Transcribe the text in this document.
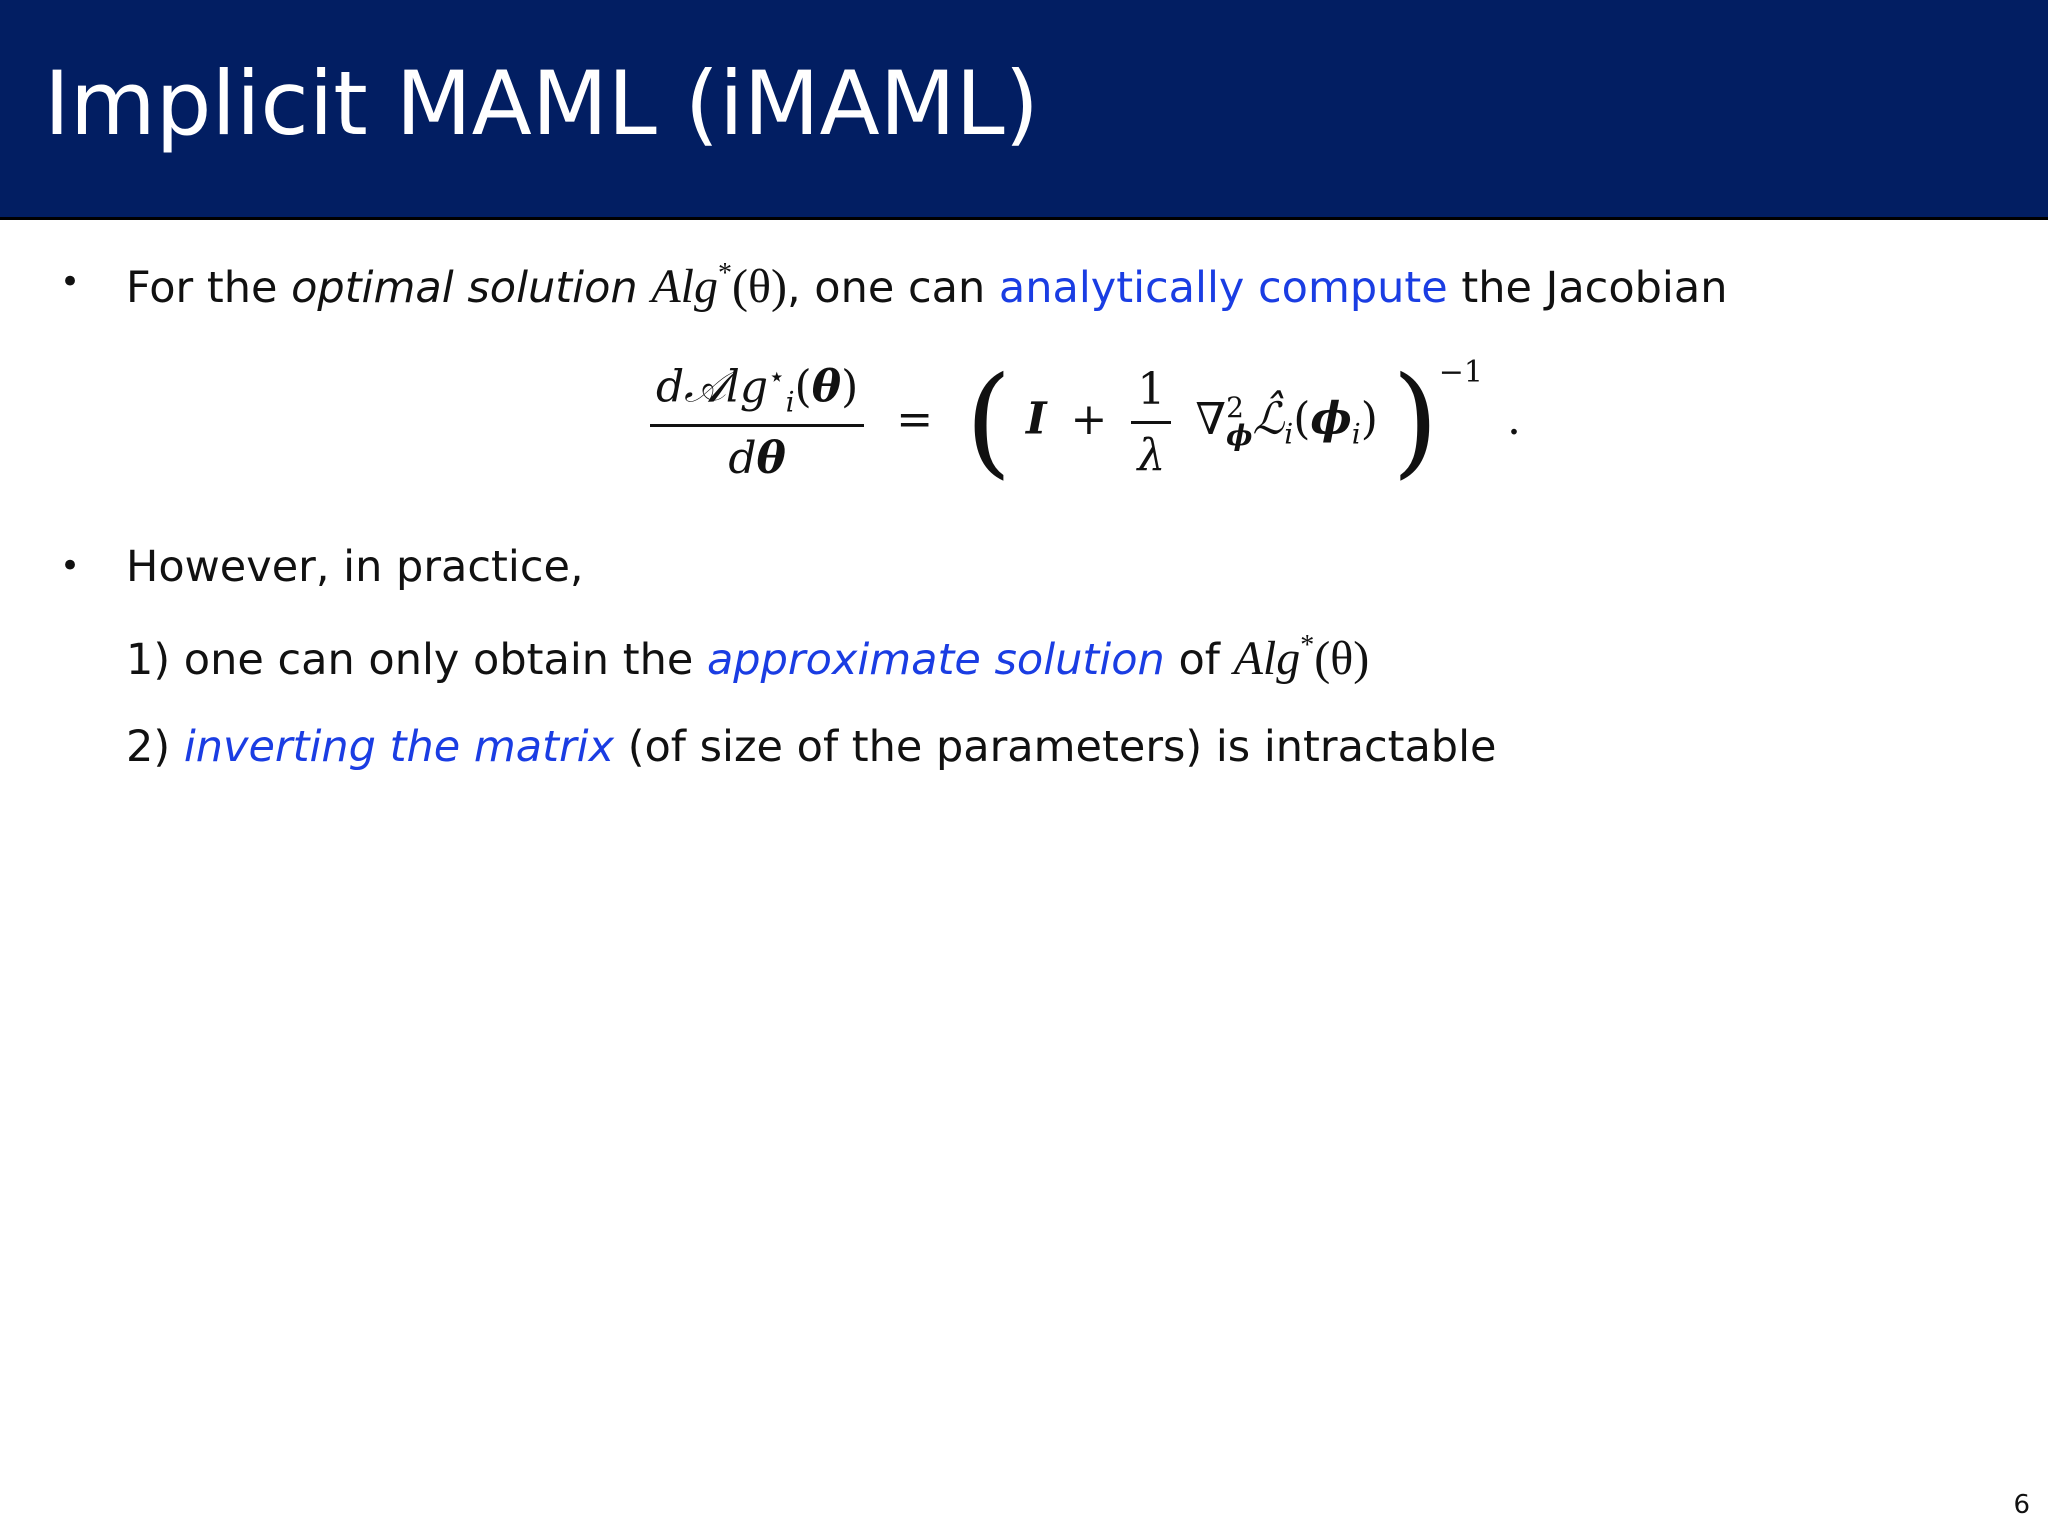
Implicit MAML (iMAML)
• For the optimal solution Alg*(θ), one can analytically compute the Jacobian
$\frac{d𝒜\lg^⋆_i(\theta)}{d\theta}$ = ( $I + \frac{1}{\lambda}$ ∇ 2
ϕ $ℒ̂_i(\phi_i)$ )$^{-1}$ .
• However, in practice,
1) one can only obtain the approximate solution of Alg*(θ)
2) inverting the matrix (of size of the parameters) is intractable
6
